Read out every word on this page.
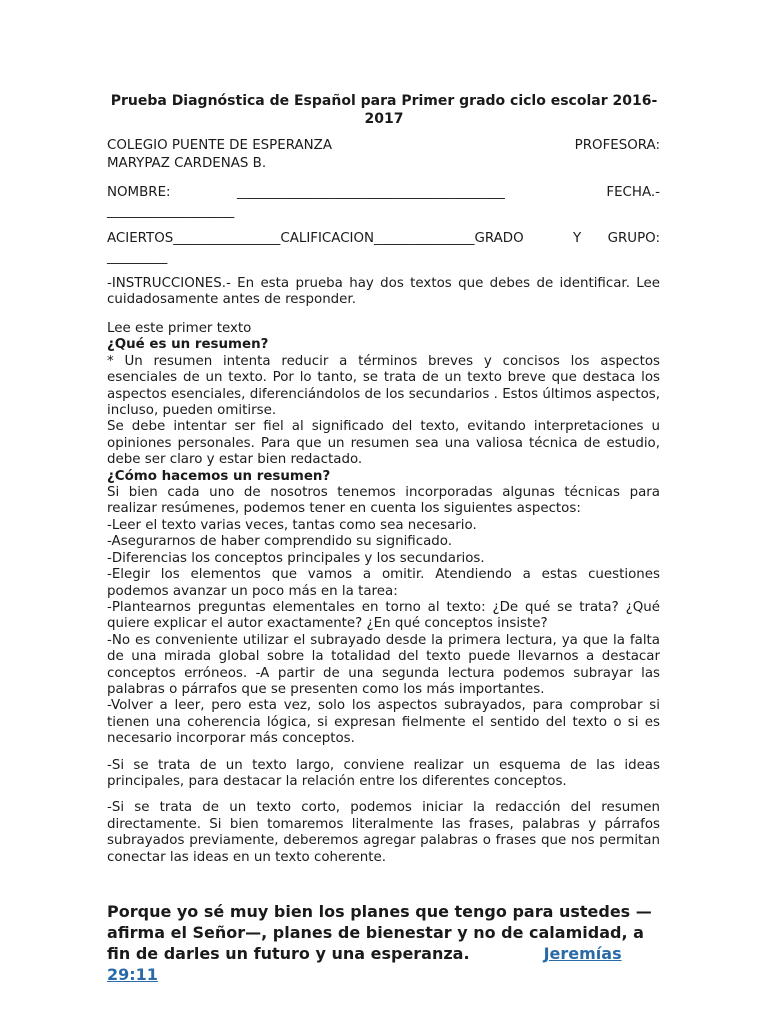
Prueba Diagnóstica de Español para Primer grado ciclo escolar 2016-2017
COLEGIO PUENTE DE ESPERANZA	PROFESORA:
MARYPAZ CARDENAS B.
NOMBRE:	________________________________________	FECHA.-
___________________
ACIERTOS________________CALIFICACION_______________GRADO	Y GRUPO:
_________

-INSTRUCCIONES.- En esta prueba hay dos textos que debes de identificar. Lee cuidadosamente antes de responder.

Lee este primer texto

¿Qué es un resumen?

* Un resumen intenta reducir a términos breves y concisos los aspectos esenciales de un texto. Por lo tanto, se trata de un texto breve que destaca los aspectos esenciales, diferenciándolos de los secundarios . Estos últimos aspectos, incluso, pueden omitirse.

Se debe intentar ser fiel al significado del texto, evitando interpretaciones u opiniones personales. Para que un resumen sea una valiosa técnica de estudio, debe ser claro y estar bien redactado.

¿Cómo hacemos un resumen?

Si bien cada uno de nosotros tenemos incorporadas algunas técnicas para realizar resúmenes, podemos tener en cuenta los siguientes aspectos:

-Leer el texto varias veces, tantas como sea necesario.

-Asegurarnos de haber comprendido su significado.

-Diferencias los conceptos principales y los secundarios.

-Elegir los elementos que vamos a omitir. Atendiendo a estas cuestiones podemos avanzar un poco más en la tarea:

-Plantearnos preguntas elementales en torno al texto: ¿De qué se trata? ¿Qué quiere explicar el autor exactamente? ¿En qué conceptos insiste?

-No es conveniente utilizar el subrayado desde la primera lectura, ya que la falta de una mirada global sobre la totalidad del texto puede llevarnos a destacar conceptos erróneos. -A partir de una segunda lectura podemos subrayar las palabras o párrafos que se presenten como los más importantes.

-Volver a leer, pero esta vez, solo los aspectos subrayados, para comprobar si tienen una coherencia lógica, si expresan fielmente el sentido del texto o si es necesario incorporar más conceptos.

-Si se trata de un texto largo, conviene realizar un esquema de las ideas principales, para destacar la relación entre los diferentes conceptos.

-Si se trata de un texto corto, podemos iniciar la redacción del resumen directamente. Si bien tomaremos literalmente las frases, palabras y párrafos subrayados previamente, deberemos agregar palabras o frases que nos permitan conectar las ideas en un texto coherente.

Porque yo sé muy bien los planes que tengo para ustedes —afirma el Señor—, planes de bienestar y no de calamidad, a fin de darles un futuro y una esperanza.	Jeremías 29:11
